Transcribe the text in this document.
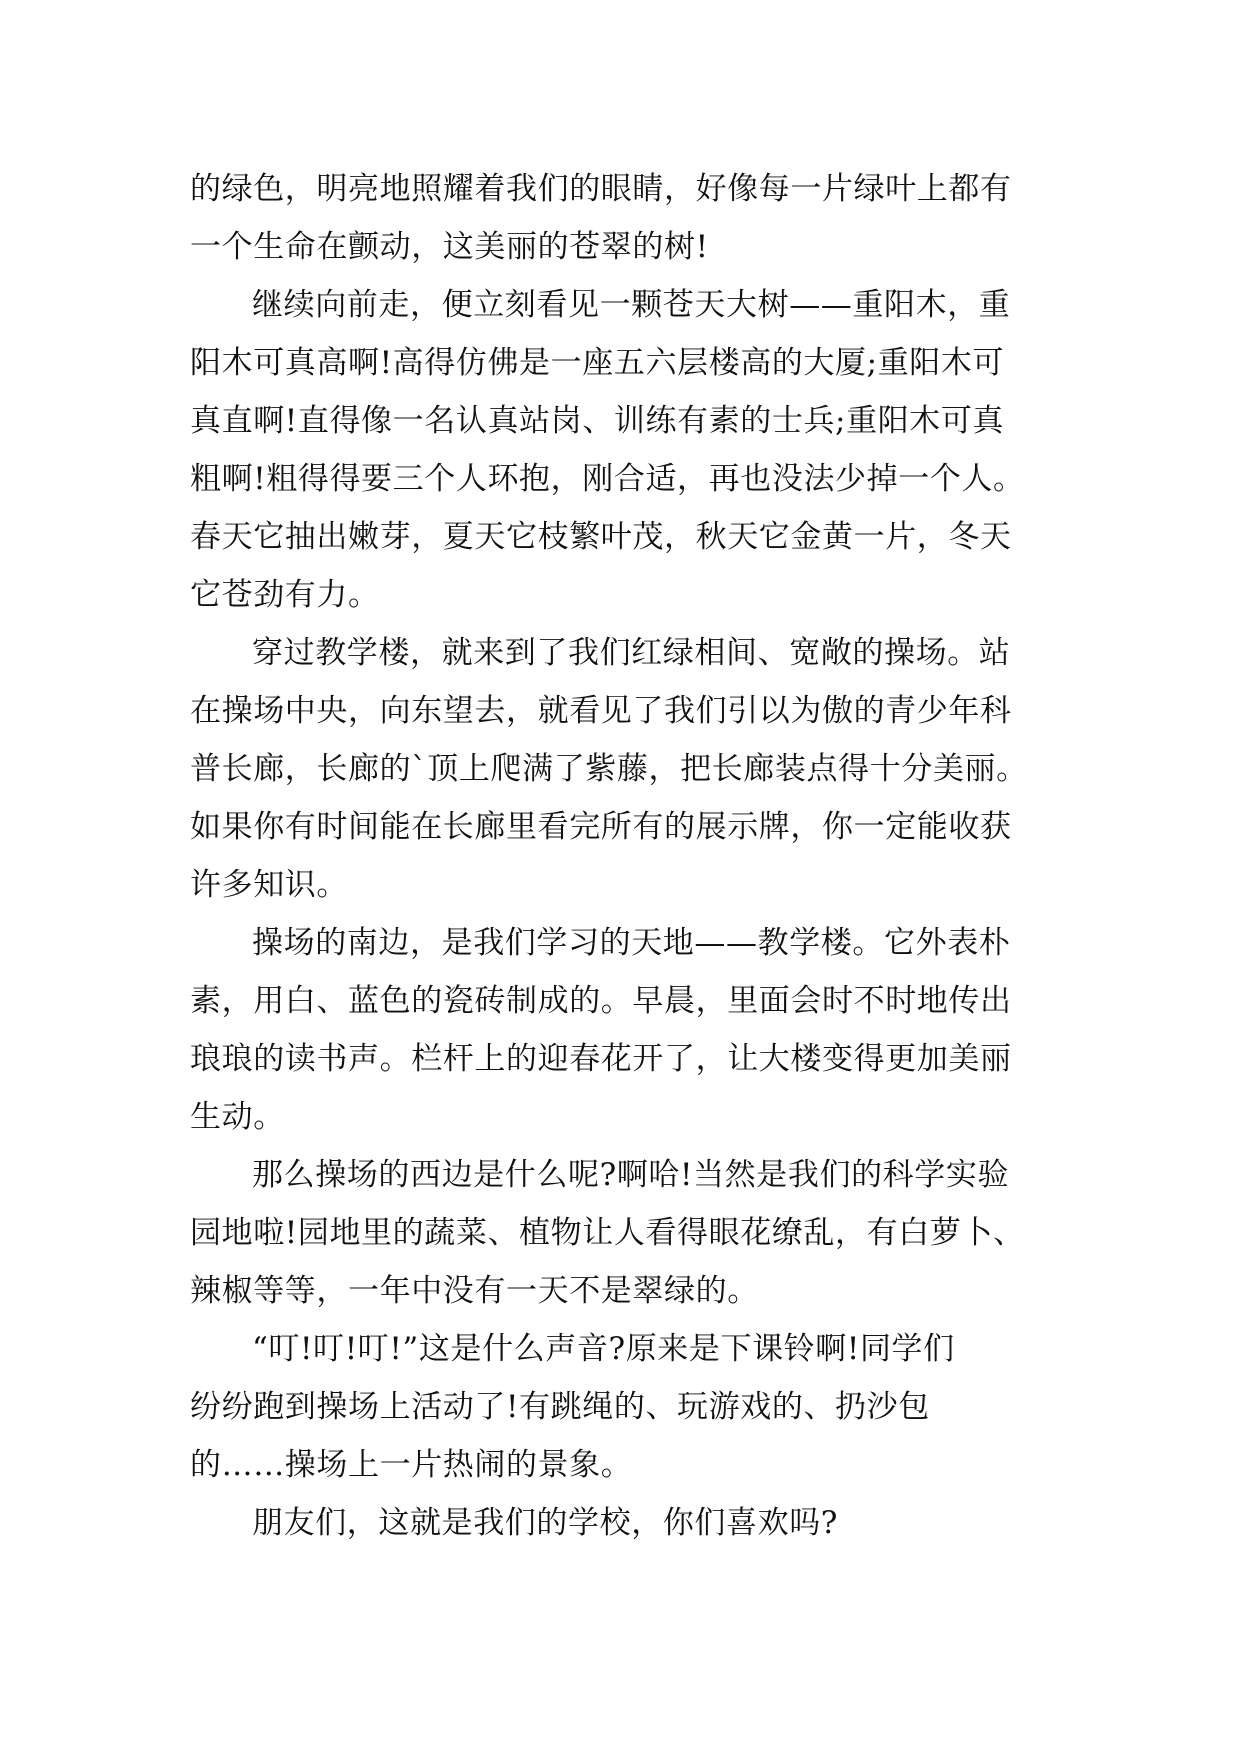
的绿色，明亮地照耀着我们的眼睛，好像每一片绿叶上都有
一个生命在颤动，这美丽的苍翠的树!
继续向前走，便立刻看见一颗苍天大树——重阳木，重
阳木可真高啊!高得仿佛是一座五六层楼高的大厦;重阳木可
真直啊!直得像一名认真站岗、训练有素的士兵;重阳木可真
粗啊!粗得得要三个人环抱，刚合适，再也没法少掉一个人。
春天它抽出嫩芽，夏天它枝繁叶茂，秋天它金黄一片，冬天
它苍劲有力。
穿过教学楼，就来到了我们红绿相间、宽敞的操场。站
在操场中央，向东望去，就看见了我们引以为傲的青少年科
普长廊，长廊的`顶上爬满了紫藤，把长廊装点得十分美丽。
如果你有时间能在长廊里看完所有的展示牌，你一定能收获
许多知识。
操场的南边，是我们学习的天地——教学楼。它外表朴
素，用白、蓝色的瓷砖制成的。早晨，里面会时不时地传出
琅琅的读书声。栏杆上的迎春花开了，让大楼变得更加美丽
生动。
那么操场的西边是什么呢?啊哈!当然是我们的科学实验
园地啦!园地里的蔬菜、植物让人看得眼花缭乱，有白萝卜、
辣椒等等，一年中没有一天不是翠绿的。
“叮!叮!叮!”这是什么声音?原来是下课铃啊!同学们
纷纷跑到操场上活动了!有跳绳的、玩游戏的、扔沙包
的……操场上一片热闹的景象。
朋友们，这就是我们的学校，你们喜欢吗?
